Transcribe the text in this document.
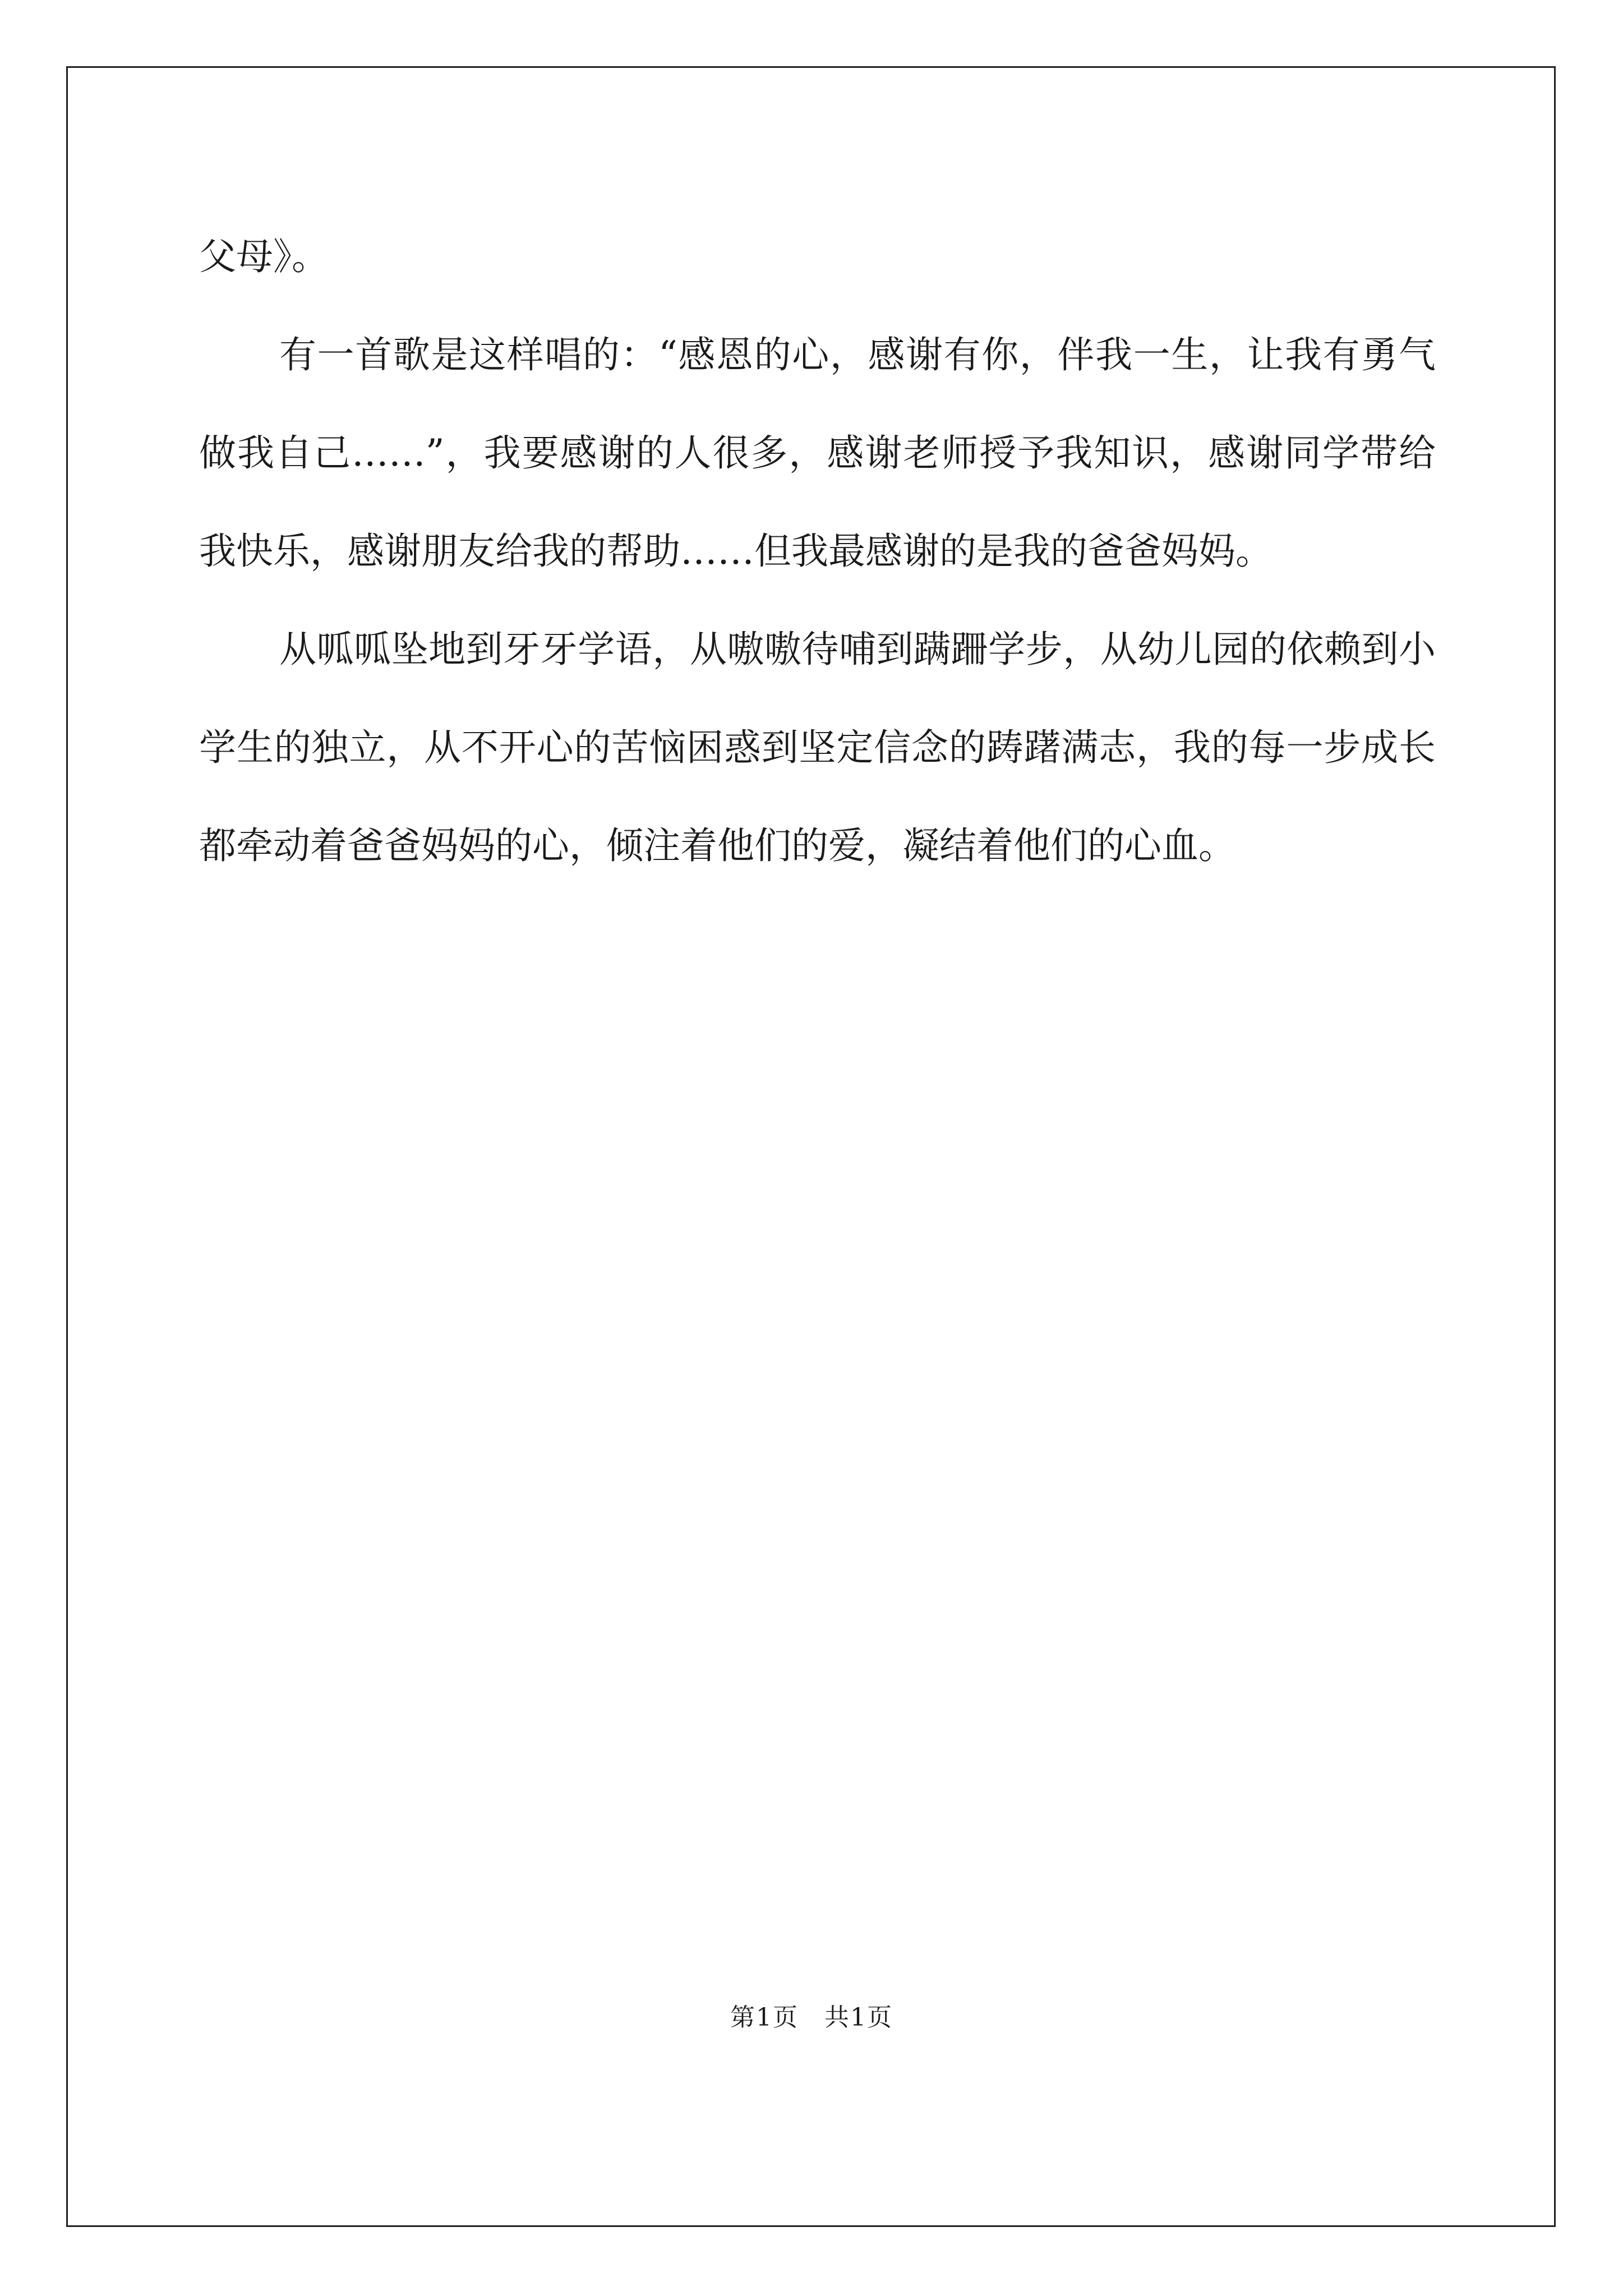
父母》。

有一首歌是这样唱的：“感恩的心，感谢有你，伴我一生，让我有勇气做我自己……”，我要感谢的人很多，感谢老师授予我知识，感谢同学带给我快乐，感谢朋友给我的帮助……但我最感谢的是我的爸爸妈妈。

从呱呱坠地到牙牙学语，从嗷嗷待哺到蹒跚学步，从幼儿园的依赖到小学生的独立，从不开心的苦恼困惑到坚定信念的踌躇满志，我的每一步成长都牵动着爸爸妈妈的心，倾注着他们的爱，凝结着他们的心血。

第1页　共1页
